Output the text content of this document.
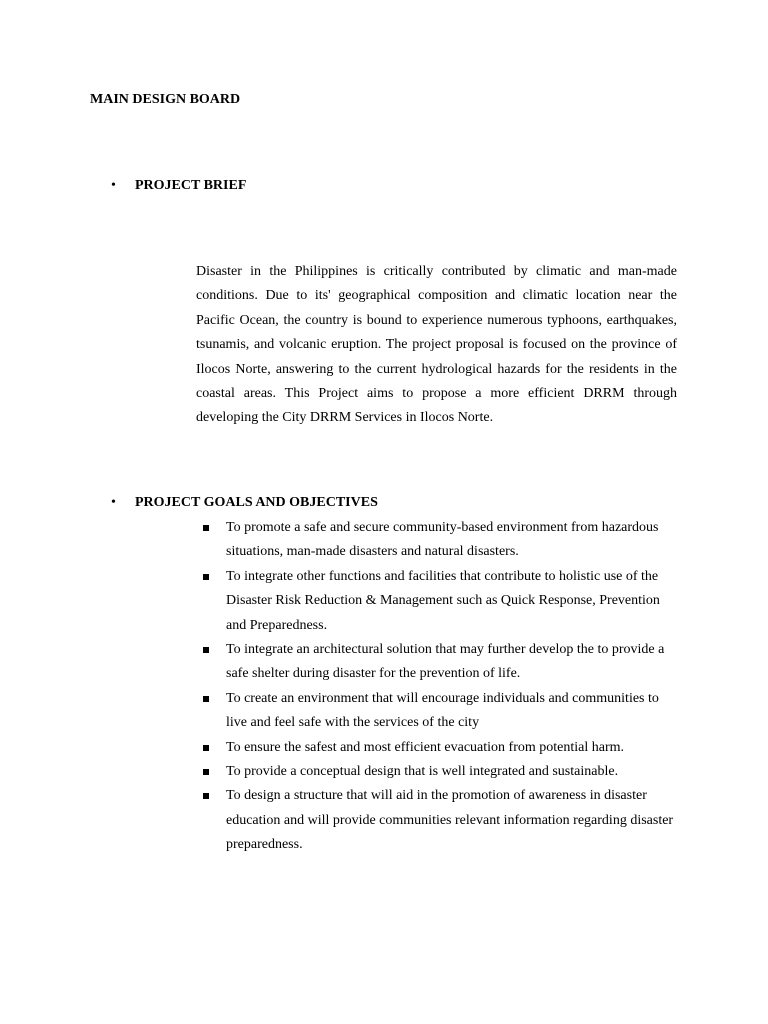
MAIN DESIGN BOARD
• PROJECT BRIEF

Disaster in the Philippines is critically contributed by climatic and man-made conditions. Due to its' geographical composition and climatic location near the Pacific Ocean, the country is bound to experience numerous typhoons, earthquakes, tsunamis, and volcanic eruption. The project proposal is focused on the province of Ilocos Norte, answering to the current hydrological hazards for the residents in the coastal areas. This Project aims to propose a more efficient DRRM through developing the City DRRM Services in Ilocos Norte.

• PROJECT GOALS AND OBJECTIVES
To promote a safe and secure community-based environment from hazardous situations, man-made disasters and natural disasters.
To integrate other functions and facilities that contribute to holistic use of the Disaster Risk Reduction & Management such as Quick Response, Prevention and Preparedness.
To integrate an architectural solution that may further develop the to provide a safe shelter during disaster for the prevention of life.
To create an environment that will encourage individuals and communities to live and feel safe with the services of the city
To ensure the safest and most efficient evacuation from potential harm.
To provide a conceptual design that is well integrated and sustainable.
To design a structure that will aid in the promotion of awareness in disaster education and will provide communities relevant information regarding disaster preparedness.
